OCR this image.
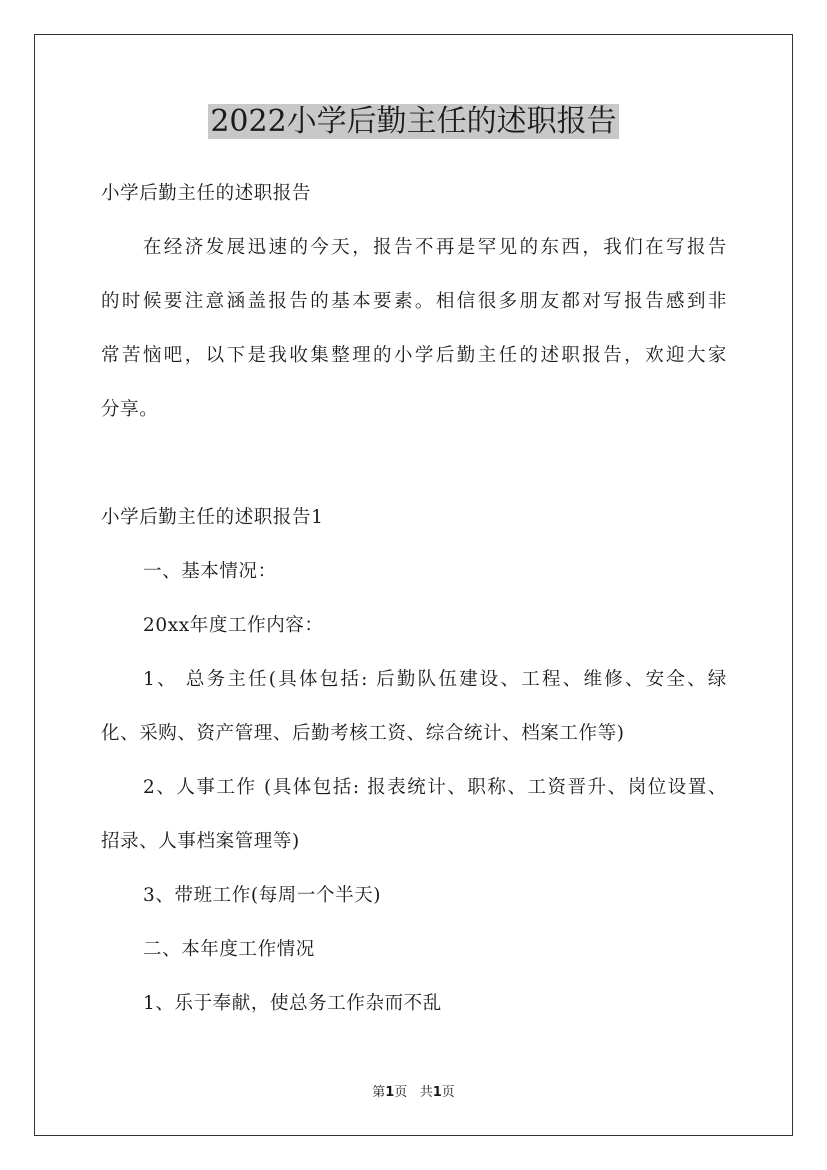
2022小学后勤主任的述职报告
小学后勤主任的述职报告
在经济发展迅速的今天，报告不再是罕见的东西，我们在写报告
的时候要注意涵盖报告的基本要素。相信很多朋友都对写报告感到非
常苦恼吧，以下是我收集整理的小学后勤主任的述职报告，欢迎大家
分享。
小学后勤主任的述职报告1
一、基本情况：
20xx年度工作内容：
1、 总务主任(具体包括: 后勤队伍建设、工程、维修、安全、绿
化、采购、资产管理、后勤考核工资、综合统计、档案工作等)
2、人事工作 (具体包括: 报表统计、职称、工资晋升、岗位设置、
招录、人事档案管理等)
3、带班工作(每周一个半天)
二、本年度工作情况
1、乐于奉献，使总务工作杂而不乱
第1页 共1页
